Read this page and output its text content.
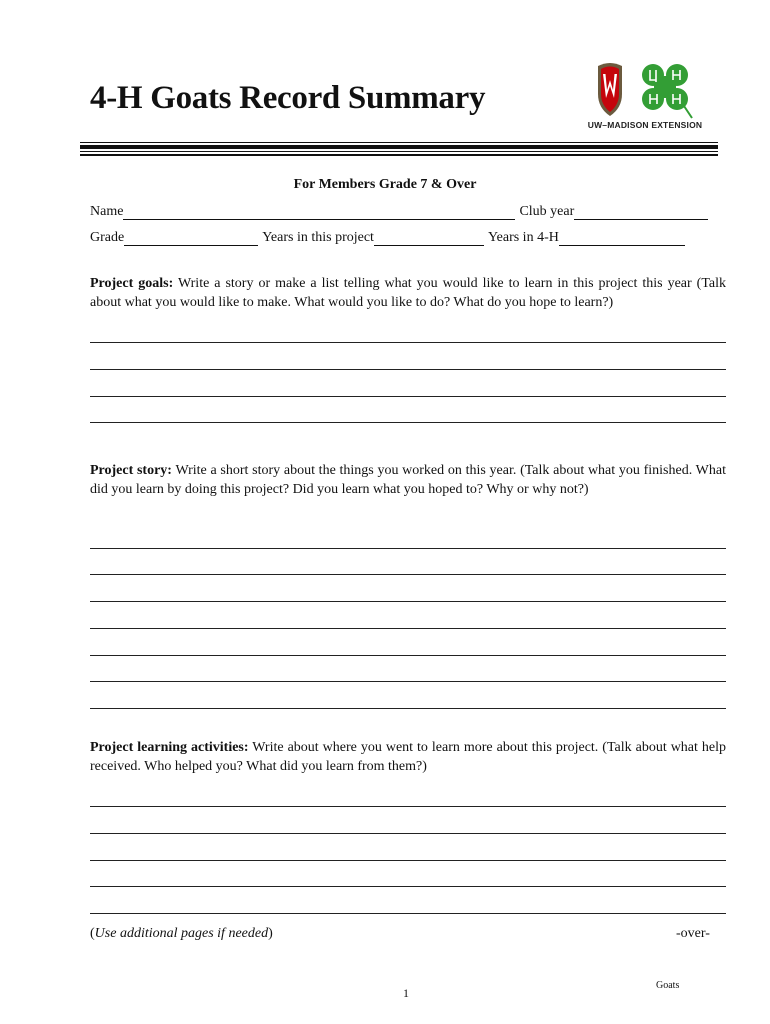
4-H Goats Record Summary
UW–MADISON EXTENSION
For Members Grade 7 & Over
Name	Club year
Grade	Years in this project	Years in 4-H
Project goals: Write a story or make a list telling what you would like to learn in this project this year (Talk about what you would like to make. What would you like to do? What do you hope to learn?)
Project story: Write a short story about the things you worked on this year. (Talk about what you finished. What did you learn by doing this project? Did you learn what you hoped to? Why or why not?)
Project learning activities: Write about where you went to learn more about this project. (Talk about what help received. Who helped you? What did you learn from them?)
(Use additional pages if needed)	-over-
Goats
1
